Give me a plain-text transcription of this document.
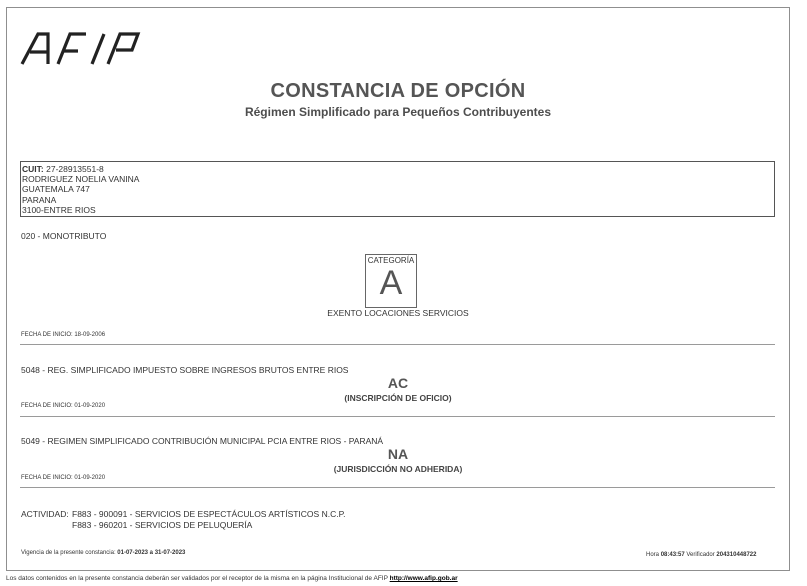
CONSTANCIA DE OPCIÓN
Régimen Simplificado para Pequeños Contribuyentes
CUIT: 27-28913551-8
RODRIGUEZ NOELIA VANINA
GUATEMALA 747
PARANA
3100-ENTRE RIOS
020 - MONOTRIBUTO
CATEGORÍA
A
EXENTO LOCACIONES SERVICIOS
FECHA DE INICIO: 18-09-2006
5048 - REG. SIMPLIFICADO IMPUESTO SOBRE INGRESOS BRUTOS ENTRE RIOS
AC
(INSCRIPCIÓN DE OFICIO)
FECHA DE INICIO: 01-09-2020
5049 - REGIMEN SIMPLIFICADO CONTRIBUCIÓN MUNICIPAL PCIA ENTRE RIOS - PARANÁ
NA
(JURISDICCIÓN NO ADHERIDA)
FECHA DE INICIO: 01-09-2020
ACTIVIDAD: F883 - 900091 - SERVICIOS DE ESPECTÁCULOS ARTÍSTICOS N.C.P.
F883 - 960201 - SERVICIOS DE PELUQUERÍA
Vigencia de la presente constancia: 01-07-2023 a 31-07-2023	Hora 08:43:57 Verificador 204310448722
Los datos contenidos en la presente constancia deberán ser validados por el receptor de la misma en la página Institucional de AFIP http://www.afip.gob.ar
